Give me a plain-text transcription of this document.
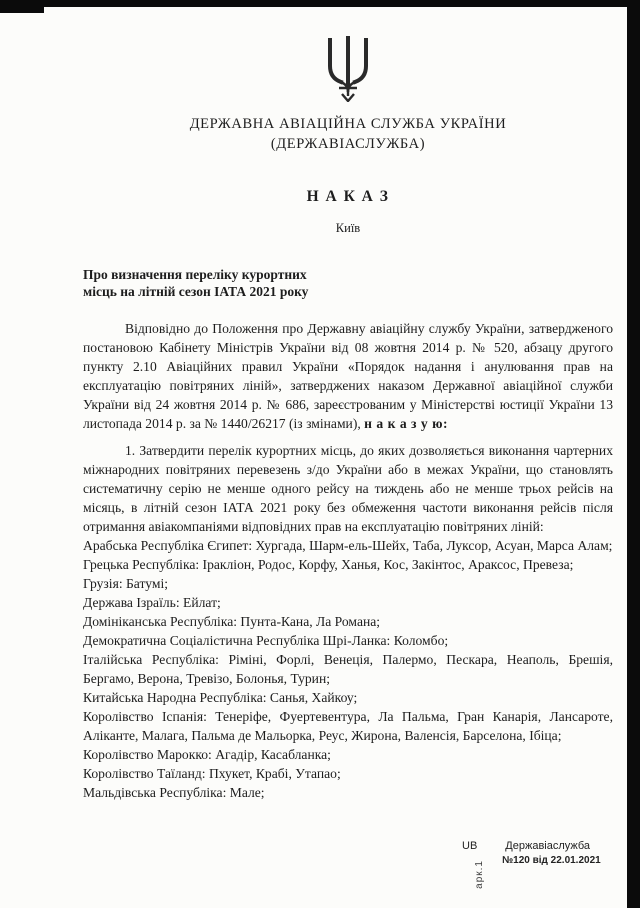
ДЕРЖАВНА АВІАЦІЙНА СЛУЖБА УКРАЇНИ
(ДЕРЖАВІАСЛУЖБА)
Н А К А З
Київ
Про визначення переліку курортних
місць на літній сезон ІАТА 2021 року

Відповідно до Положення про Державну авіаційну службу України, затвердженого постановою Кабінету Міністрів України від 08 жовтня 2014 р. № 520, абзацу другого пункту 2.10 Авіаційних правил України «Порядок надання і анулювання прав на експлуатацію повітряних ліній», затверджених наказом Державної авіаційної служби України від 24 жовтня 2014 р. № 686, зареєстрованим у Міністерстві юстиції України 13 листопада 2014 р. за № 1440/26217 (із змінами), н а к а з у ю:

1. Затвердити перелік курортних місць, до яких дозволяється виконання чартерних міжнародних повітряних перевезень з/до України або в межах України, що становлять систематичну серію не менше одного рейсу на тиждень або не менше трьох рейсів на місяць, в літній сезон ІАТА 2021 року без обмеження частоти виконання рейсів після отримання авіакомпаніями відповідних прав на експлуатацію повітряних ліній:

Арабська Республіка Єгипет: Хургада, Шарм-ель-Шейх, Таба, Луксор, Асуан, Марса Алам;

Грецька Республіка: Іракліон, Родос, Корфу, Ханья, Кос, Закінтос, Араксос, Превеза;

Грузія: Батумі;

Держава Ізраїль: Ейлат;

Домініканська Республіка: Пунта-Кана, Ла Романа;

Демократична Соціалістична Республіка Шрі-Ланка: Коломбо;

Італійська Республіка: Ріміні, Форлі, Венеція, Палермо, Пескара, Неаполь, Брешія, Бергамо, Верона, Тревізо, Болонья, Турин;

Китайська Народна Республіка: Санья, Хайкоу;

Королівство Іспанія: Тенеріфе, Фуертевентура, Ла Пальма, Гран Канарія, Лансароте, Аліканте, Малага, Пальма де Мальорка, Реус, Жирона, Валенсія, Барселона, Ібіца;

Королівство Марокко: Агадір, Касабланка;

Королівство Таїланд: Пхукет, Крабі, Утапао;

Мальдівська Республіка: Мале;

UB	Державіаслужба
№120 від 22.01.2021
арк.1
